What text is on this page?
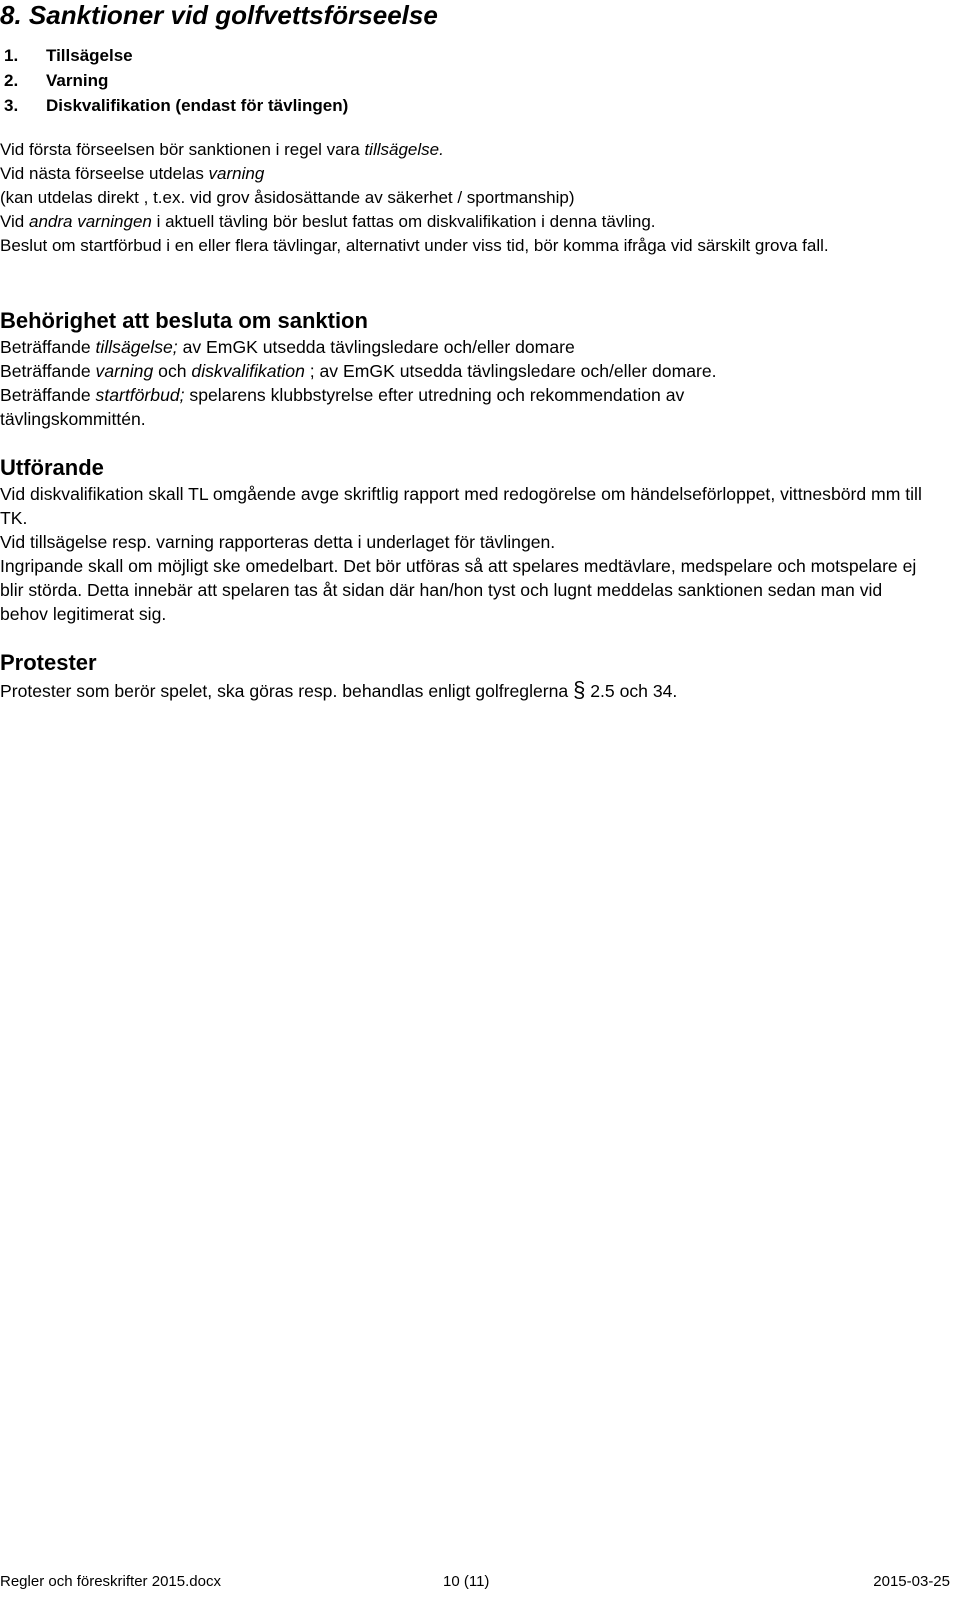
8. Sanktioner vid golfvettsförseelse
1. Tillsägelse
2. Varning
3. Diskvalifikation (endast för tävlingen)

Vid första förseelsen bör sanktionen i regel vara tillsägelse.

Vid nästa förseelse utdelas varning

(kan utdelas direkt , t.ex. vid grov åsidosättande av säkerhet / sportmanship)

Vid andra varningen i aktuell tävling bör beslut fattas om diskvalifikation i denna tävling.

Beslut om startförbud i en eller flera tävlingar, alternativt under viss tid, bör komma ifråga vid särskilt grova fall.

Behörighet att besluta om sanktion

Beträffande tillsägelse; av EmGK utsedda tävlingsledare och/eller domare

Beträffande varning och diskvalifikation ; av EmGK utsedda tävlingsledare och/eller domare.

Beträffande startförbud; spelarens klubbstyrelse efter utredning och rekommendation av tävlingskommittén.

Utförande

Vid diskvalifikation skall TL omgående avge skriftlig rapport med redogörelse om händelseförloppet, vittnesbörd mm till TK.

Vid tillsägelse resp. varning rapporteras detta i underlaget för tävlingen.

Ingripande skall om möjligt ske omedelbart. Det bör utföras så att spelares medtävlare, medspelare och motspelare ej blir störda. Detta innebär att spelaren tas åt sidan där han/hon tyst och lugnt meddelas sanktionen sedan man vid behov legitimerat sig.

Protester

Protester som berör spelet, ska göras resp. behandlas enligt golfreglerna § 2.5 och 34.

Regler och föreskrifter 2015.docx	10 (11)	2015-03-25
